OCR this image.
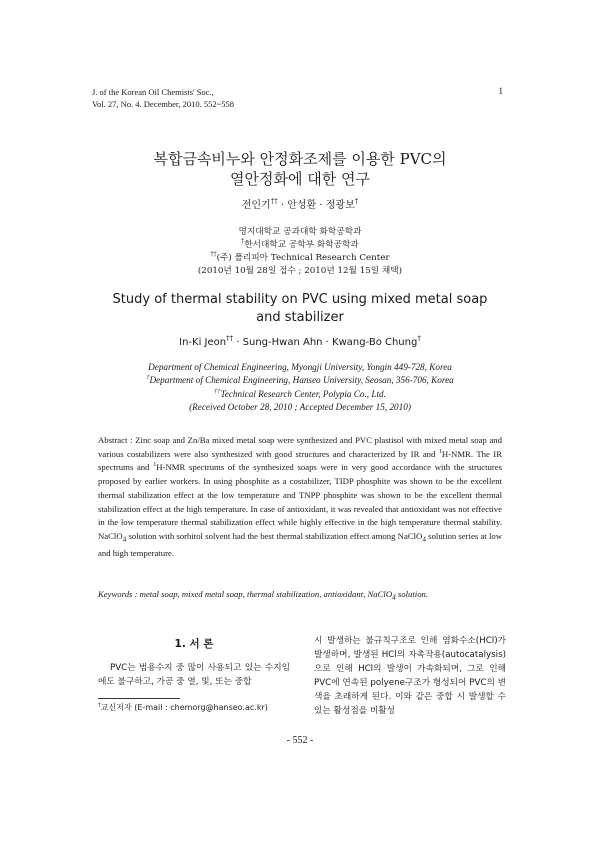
J. of the Korean Oil Chemists' Soc.,
Vol. 27, No. 4. December, 2010. 552~558
1
복합금속비누와 안정화조제를 이용한 PVC의
열안정화에 대한 연구
전인기†† · 안성환 · 정광보†
명지대학교 공과대학 화학공학과
†한서대학교 공학부 화학공학과
††(주) 폴리피아 Technical Research Center
(2010년 10월 28일 접수 ; 2010년 12월 15일 채택)
Study of thermal stability on PVC using mixed metal soap
and stabilizer
In-Ki Jeon†† · Sung-Hwan Ahn · Kwang-Bo Chung†
Department of Chemical Engineering, Myongji University, Yongin 449-728, Korea
†Department of Chemical Engineering, Hanseo University, Seosan, 356-706, Korea
††Technical Research Center, Polypia Co., Ltd.
(Received October 28, 2010 ; Accepted December 15, 2010)
Abstract : Zinc soap and Zn/Ba mixed metal soap were synthesized and PVC plastisol with mixed metal soap and various costabilizers were also synthesized with good structures and characterized by IR and $^1$H-NMR. The IR spectrums and $^1$H-NMR spectrums of the synthesized soaps were in very good accordance with the structures proposed by earlier workers. In using phosphite as a costabilizer, TIDP phosphite was shown to be the excellent thermal stabilization effect at the low temperature and TNPP phosphite was shown to be the excellent thermal stabilization effect at the high temperature. In case of antioxidant, it was revealed that antioxidant was not effective in the low temperature thermal stabilization effect while highly effective in the high temperature thermal stability. NaClO$_4$ solution with sorbitol solvent had the best thermal stabilization effect among NaClO$_4$ solution series at low and high temperature.
Keywords : metal soap, mixed metal soap, thermal stabilization, antioxidant, NaClO$_4$ solution.
1. 서 론
PVC는 범용수지 중 많이 사용되고 있는 수지임에도 불구하고, 가공 중 열, 빛, 또는 중합
시 발생하는 불규칙구조로 인해 염화수소(HCl)가 발생하며, 발생된 HCl의 자촉작용(autocatalysis)으로 인해 HCl의 발생이 가속화되며, 그로 인해 PVC에 연속된 polyene구조가 형성되어 PVC의 변색을 초래하게 된다. 이와 같은 중합 시 발생할 수 있는 활성점을 비활성
†교신저자 (E-mail : chemorg@hanseo.ac.kr)
- 552 -
